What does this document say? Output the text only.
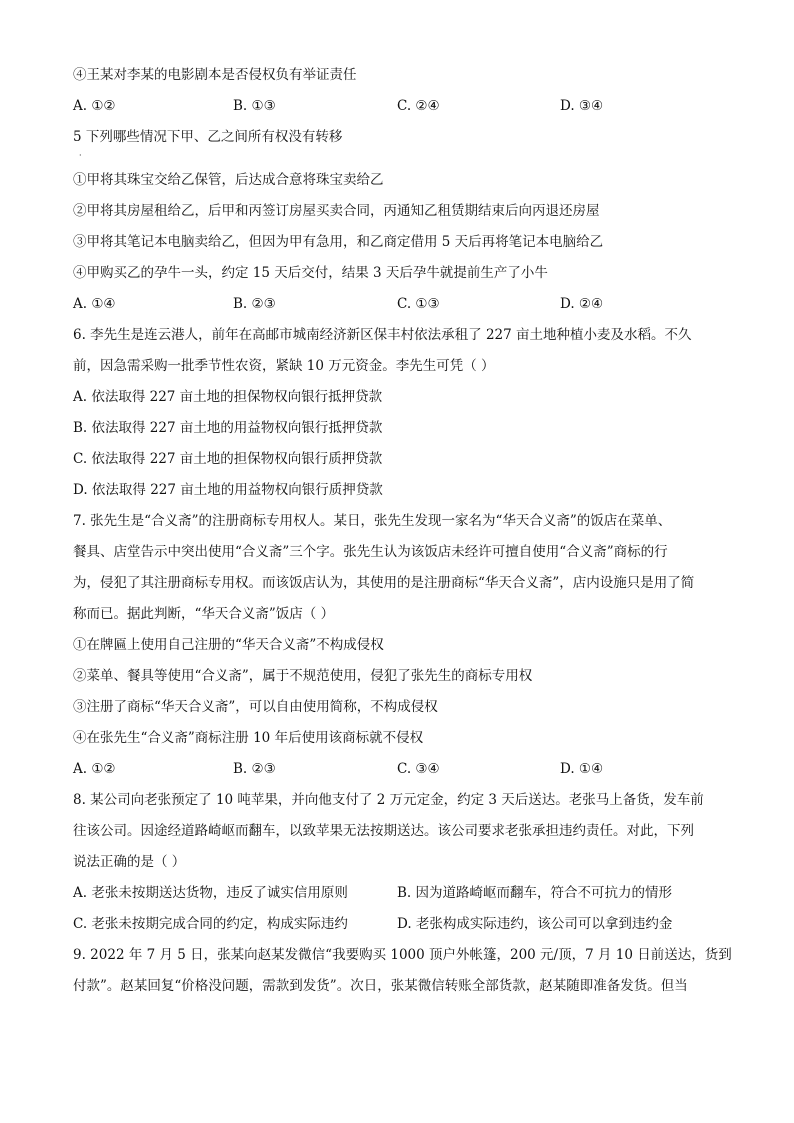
④王某对李某的电影剧本是否侵权负有举证责任
A. ①②	B. ①③	C. ②④	D. ③④
5 下列哪些情况下甲、乙之间所有权没有转移
·
①甲将其珠宝交给乙保管，后达成合意将珠宝卖给乙
②甲将其房屋租给乙，后甲和丙签订房屋买卖合同，丙通知乙租赁期结束后向丙退还房屋
③甲将其笔记本电脑卖给乙，但因为甲有急用，和乙商定借用 5 天后再将笔记本电脑给乙
④甲购买乙的孕牛一头，约定 15 天后交付，结果 3 天后孕牛就提前生产了小牛
A. ①④	B. ②③	C. ①③	D. ②④
6. 李先生是连云港人，前年在高邮市城南经济新区保丰村依法承租了 227 亩土地种植小麦及水稻。不久
前，因急需采购一批季节性农资，紧缺 10 万元资金。李先生可凭（ ）
A. 依法取得 227 亩土地的担保物权向银行抵押贷款
B. 依法取得 227 亩土地的用益物权向银行抵押贷款
C. 依法取得 227 亩土地的担保物权向银行质押贷款
D. 依法取得 227 亩土地的用益物权向银行质押贷款
7. 张先生是“合义斋”的注册商标专用权人。某日，张先生发现一家名为“华天合义斋”的饭店在菜单、
餐具、店堂告示中突出使用“合义斋”三个字。张先生认为该饭店未经许可擅自使用“合义斋”商标的行
为，侵犯了其注册商标专用权。而该饭店认为，其使用的是注册商标“华天合义斋”，店内设施只是用了简
称而已。据此判断，“华天合义斋”饭店（ ）
①在牌匾上使用自己注册的“华天合义斋”不构成侵权
②菜单、餐具等使用“合义斋”，属于不规范使用，侵犯了张先生的商标专用权
③注册了商标“华天合义斋”，可以自由使用简称，不构成侵权
④在张先生“合义斋”商标注册 10 年后使用该商标就不侵权
A. ①②	B. ②③	C. ③④	D. ①④
8. 某公司向老张预定了 10 吨苹果，并向他支付了 2 万元定金，约定 3 天后送达。老张马上备货，发车前
往该公司。因途经道路崎岖而翻车，以致苹果无法按期送达。该公司要求老张承担违约责任。对此，下列
说法正确的是（ ）
A. 老张未按期送达货物，违反了诚实信用原则	B. 因为道路崎岖而翻车，符合不可抗力的情形
C. 老张未按期完成合同的约定，构成实际违约	D. 老张构成实际违约，该公司可以拿到违约金
9. 2022 年 7 月 5 日，张某向赵某发微信“我要购买 1000 顶户外帐篷，200 元/顶，7 月 10 日前送达，货到
付款”。赵某回复“价格没问题，需款到发货”。次日，张某微信转账全部货款，赵某随即准备发货。但当
